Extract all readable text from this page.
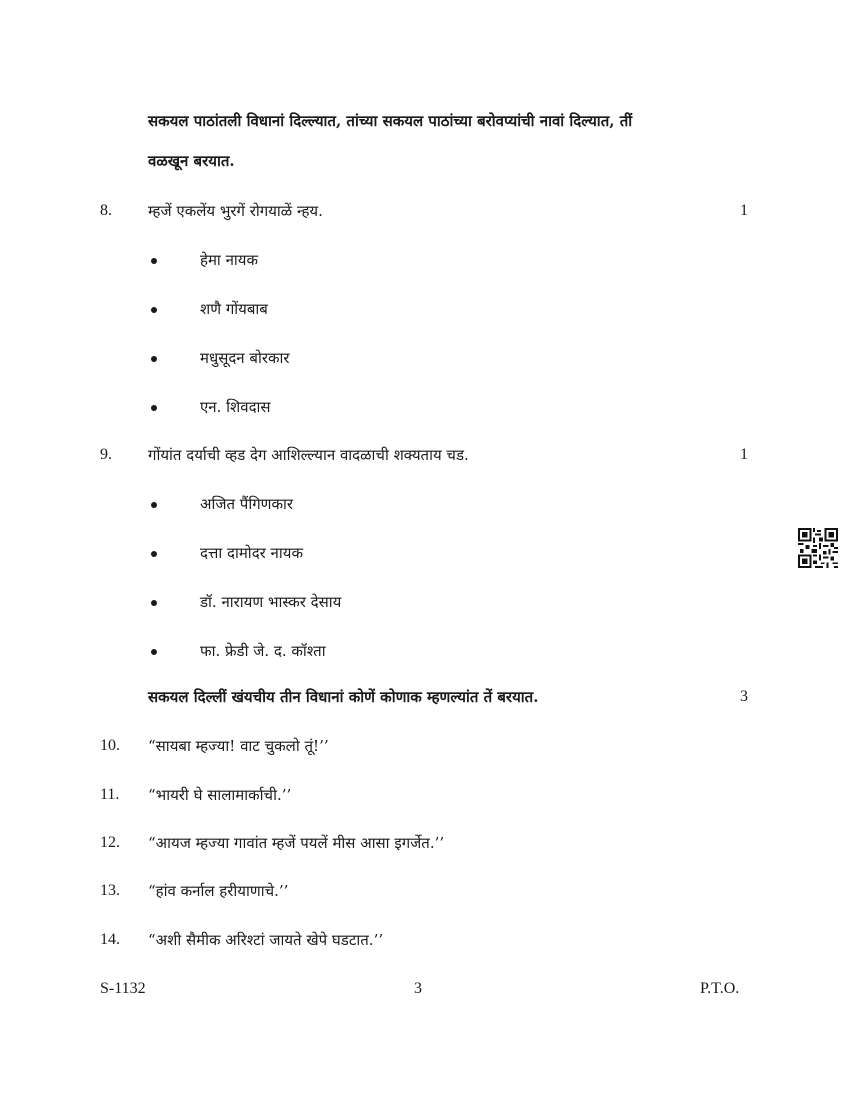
सकयल पाठांतली विधानां दिल्ल्यात, तांच्या सकयल पाठांच्या बरोवप्यांची नावां दिल्यात, तीं
वळखून बरयात.
8. म्हजें एकलेंय भुरगें रोगयाळें न्हय.	1
हेमा नायक
शणै गोंयबाब
मधुसूदन बोरकार
एन. शिवदास
9. गोंयांत दर्याची व्हड देग आशिल्ल्यान वादळाची शक्यताय चड.	1
अजित पैंगिणकार
दत्ता दामोदर नायक
डॉ. नारायण भास्कर देसाय
फा. फ्रेडी जे. द. कॉश्ता
सकयल दिल्लीं खंयचीय तीन विधानां कोणें कोणाक म्हणल्यांत तें बरयात.	3
10. “सायबा म्हज्या! वाट चुकलो तूं!’’
11. “भायरी घे सालामार्काची.’’
12. “आयज म्हज्या गावांत म्हजें पयलें मीस आसा इगर्जेत.’’
13. “हांव कर्नाल हरीयाणाचे.’’
14. “अशी सैमीक अरिश्टां जायते खेपे घडटात.’’
S-1132	3	P.T.O.
